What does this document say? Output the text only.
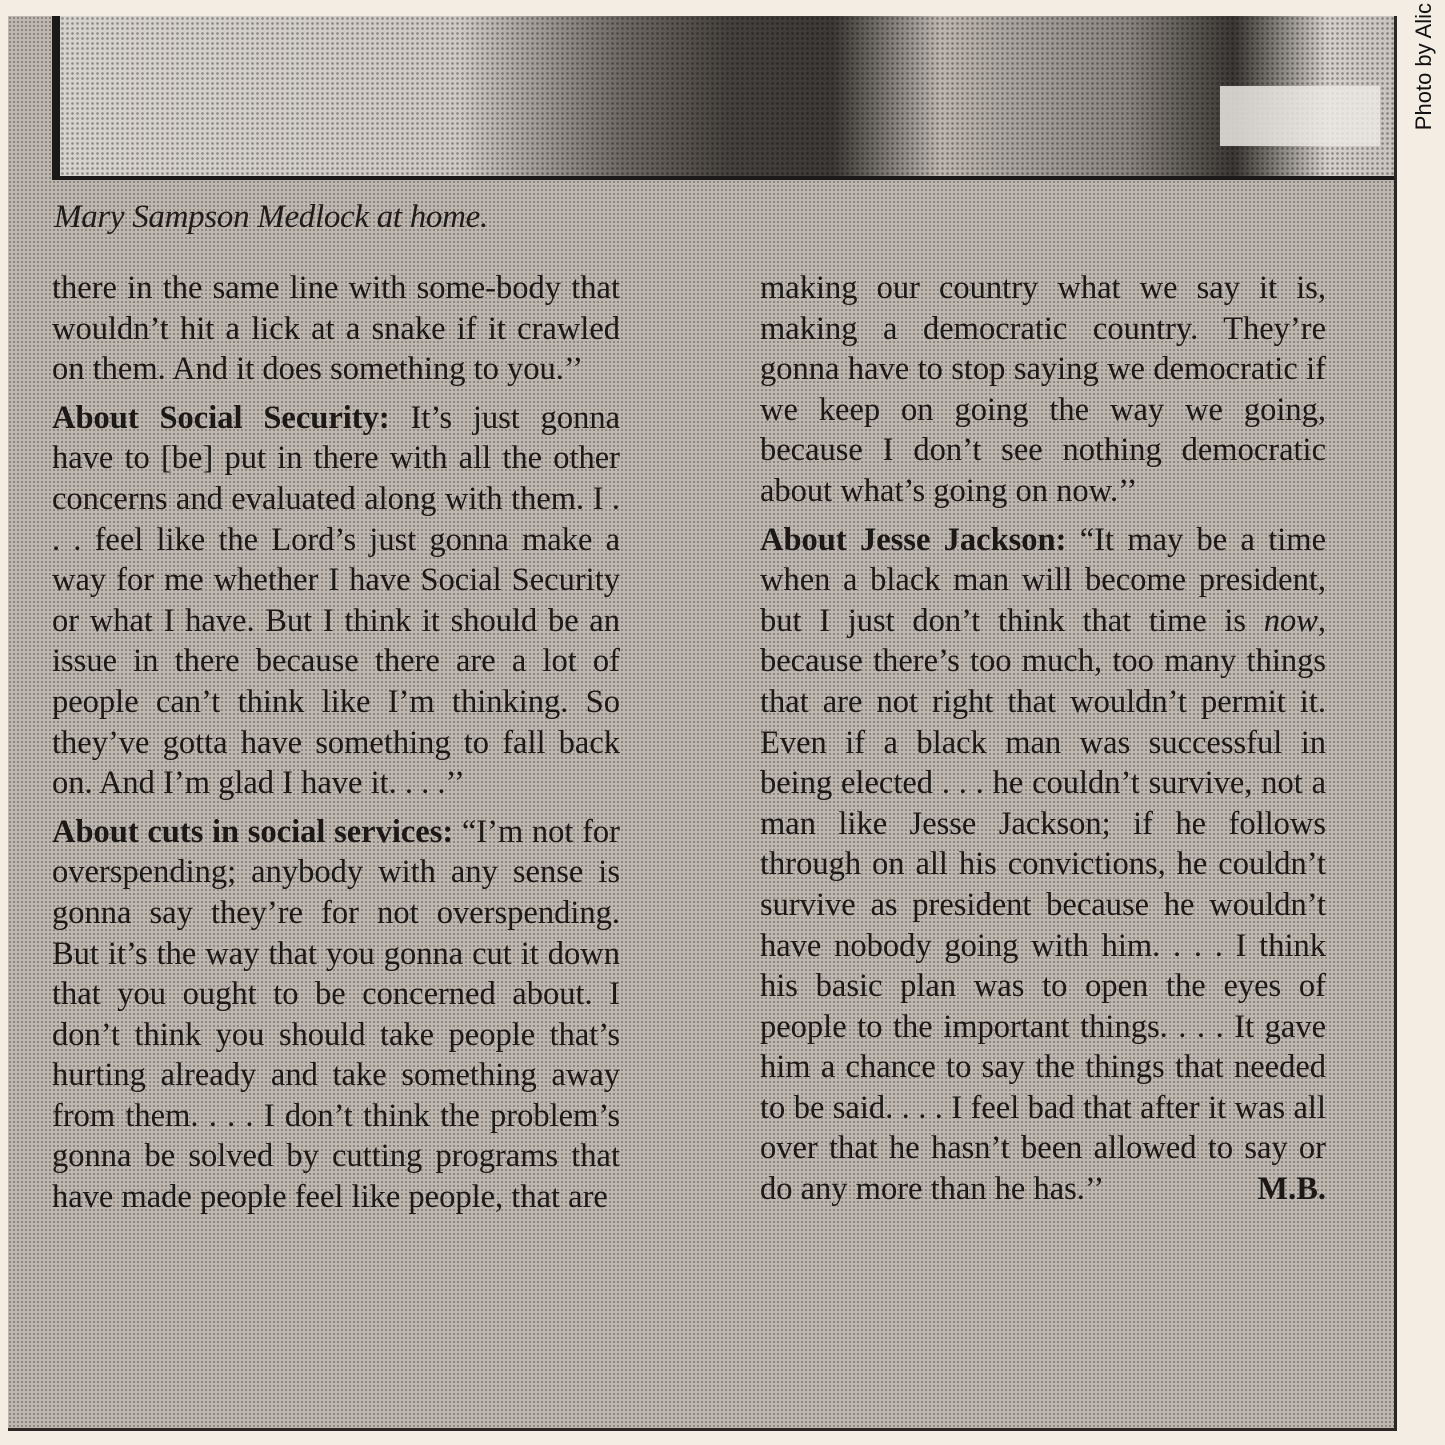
Mary Sampson Medlock at home.

there in the same line with some-body that wouldn’t hit a lick at a snake if it crawled on them. And it does something to you.’’

About Social Security: It’s just gonna have to [be] put in there with all the other concerns and evaluated along with them. I . . . feel like the Lord’s just gonna make a way for me whether I have Social Security or what I have. But I think it should be an issue in there because there are a lot of people can’t think like I’m thinking. So they’ve gotta have something to fall back on. And I’m glad I have it. . . .’’

About cuts in social services: “I’m not for overspending; anybody with any sense is gonna say they’re for not overspending. But it’s the way that you gonna cut it down that you ought to be concerned about. I don’t think you should take people that’s hurting already and take something away from them. . . . I don’t think the problem’s gonna be solved by cutting programs that have made people feel like people, that are

making our country what we say it is, making a democratic country. They’re gonna have to stop saying we democratic if we keep on going the way we going, because I don’t see nothing democratic about what’s going on now.’’

About Jesse Jackson: “It may be a time when a black man will become president, but I just don’t think that time is now, because there’s too much, too many things that are not right that wouldn’t permit it. Even if a black man was successful in being elected . . . he couldn’t survive, not a man like Jesse Jackson; if he follows through on all his convictions, he couldn’t survive as president because he wouldn’t have nobody going with him. . . . I think his basic plan was to open the eyes of people to the important things. . . . It gave him a chance to say the things that needed to be said. . . . I feel bad that after it was all over that he hasn’t been allowed to say or do any more than he has.’’	M.B.

Photo by Alic
